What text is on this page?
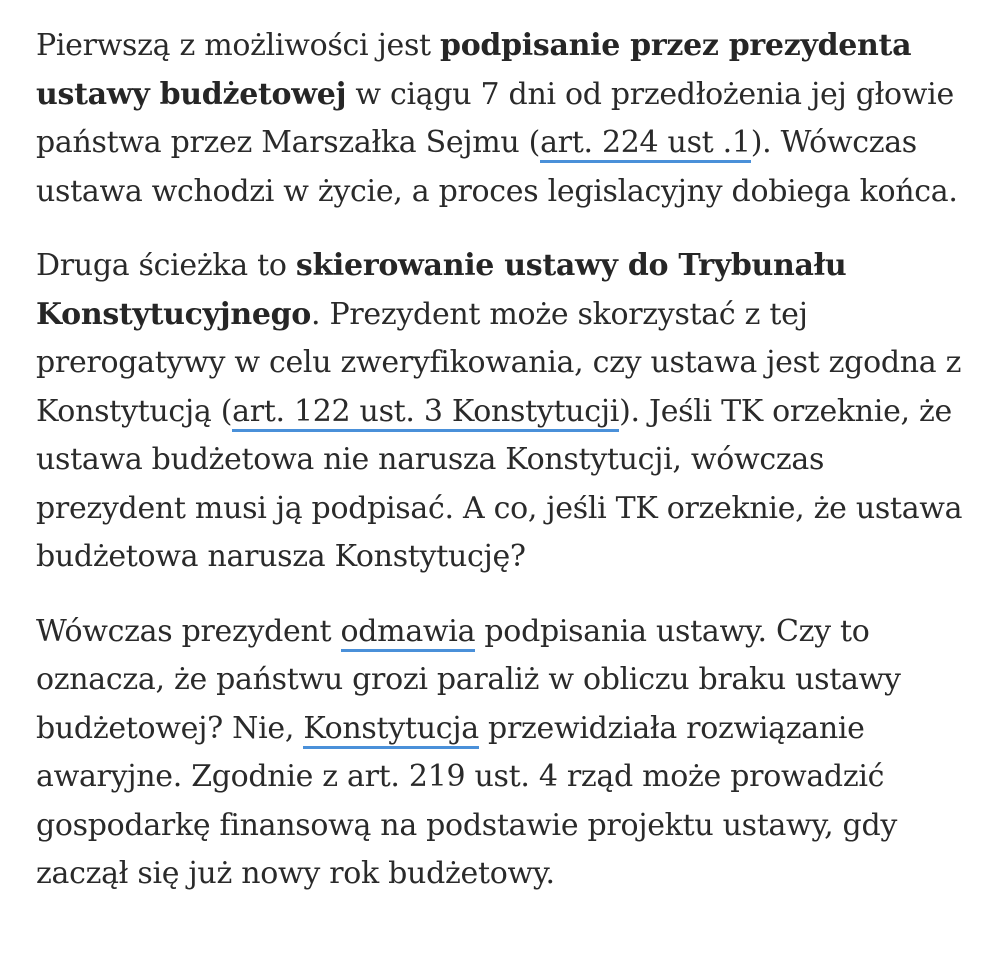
Pierwszą z możliwości jest podpisanie przez prezydenta ustawy budżetowej w ciągu 7 dni od przedłożenia jej głowie państwa przez Marszałka Sejmu (art. 224 ust .1). Wówczas ustawa wchodzi w życie, a proces legislacyjny dobiega końca.

Druga ścieżka to skierowanie ustawy do Trybunału Konstytucyjnego. Prezydent może skorzystać z tej prerogatywy w celu zweryfikowania, czy ustawa jest zgodna z Konstytucją (art. 122 ust. 3 Konstytucji). Jeśli TK orzeknie, że ustawa budżetowa nie narusza Konstytucji, wówczas prezydent musi ją podpisać. A co, jeśli TK orzeknie, że ustawa budżetowa narusza Konstytucję?

Wówczas prezydent odmawia podpisania ustawy. Czy to oznacza, że państwu grozi paraliż w obliczu braku ustawy budżetowej? Nie, Konstytucja przewidziała rozwiązanie awaryjne. Zgodnie z art. 219 ust. 4 rząd może prowadzić gospodarkę finansową na podstawie projektu ustawy, gdy zaczął się już nowy rok budżetowy.
